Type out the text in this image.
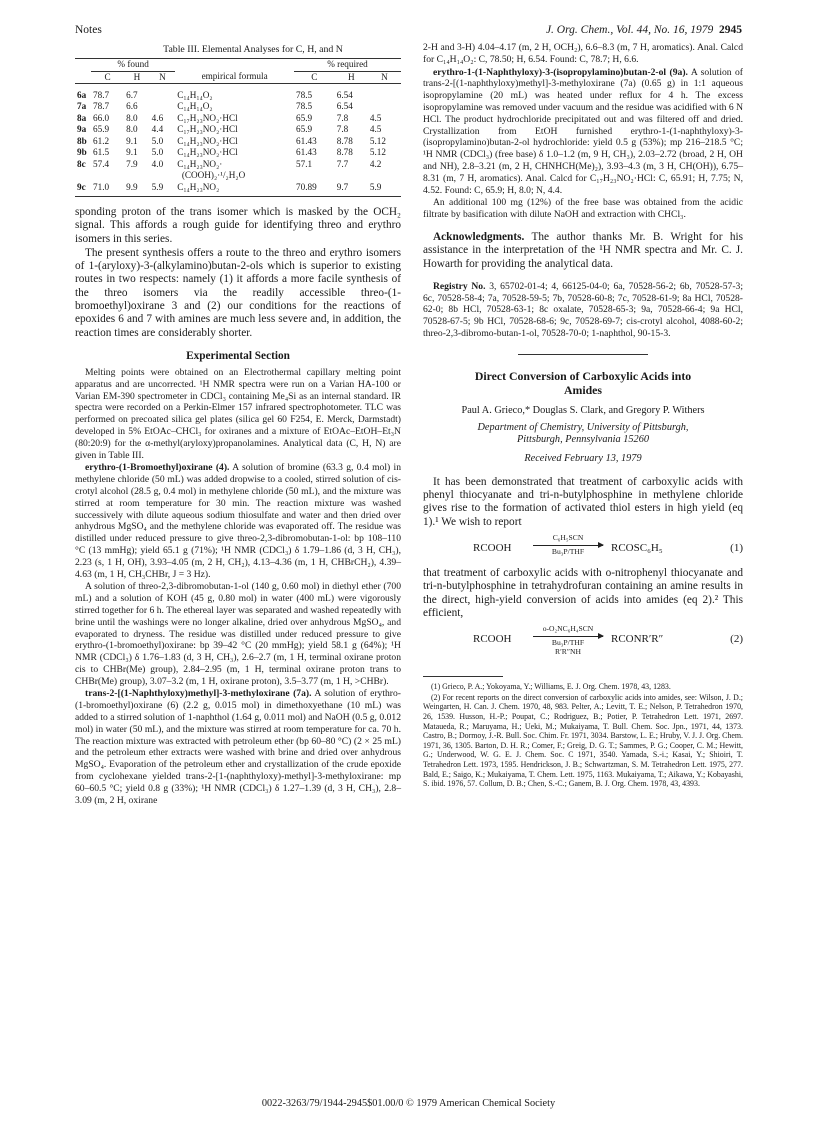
Notes	J. Org. Chem., Vol. 44, No. 16, 1979 2945
Table III. Elemental Analyses for C, H, and N
	% found				% required		
	C	H	N	empirical formula	C	H	N

6a	78.7	6.7		C₁₄H₁₄O₂	78.5	6.54	
7a	78.7	6.6		C₁₄H₁₄O₂	78.5	6.54	
8a	66.0	8.0	4.6	C₁₇H₂₃NO₂·HCl	65.9	7.8	4.5
9a	65.9	8.0	4.4	C₁₇H₂₃NO₂·HCl	65.9	7.8	4.5
8b	61.2	9.1	5.0	C₁₄H₂₃NO₂·HCl	61.43	8.78	5.12
9b	61.5	9.1	5.0	C₁₄H₂₃NO₂·HCl	61.43	8.78	5.12
8c	57.4	7.9	4.0	C₁₄H₂₃NO₂·
(COOH)₂·¹/₂H₂O	57.1	7.7	4.2
9c	71.0	9.9	5.9	C₁₄H₂₃NO₂	70.89	9.7	5.9

sponding proton of the trans isomer which is masked by the OCH₂ signal. This affords a rough guide for identifying threo and erythro isomers in this series.

The present synthesis offers a route to the threo and erythro isomers of 1-(aryloxy)-3-(alkylamino)butan-2-ols which is superior to existing routes in two respects: namely (1) it affords a more facile synthesis of the threo isomers via the readily accessible threo-(1-bromoethyl)oxirane 3 and (2) our conditions for the reactions of epoxides 6 and 7 with amines are much less severe and, in addition, the reaction times are considerably shorter.

Experimental Section

Melting points were obtained on an Electrothermal capillary melting point apparatus and are uncorrected. ¹H NMR spectra were run on a Varian HA-100 or Varian EM-390 spectrometer in CDCl₃ containing Me₄Si as an internal standard. IR spectra were recorded on a Perkin-Elmer 157 infrared spectrophotometer. TLC was performed on precoated silica gel plates (silica gel 60 F254, E. Merck, Darmstadt) developed in 5% EtOAc–CHCl₃ for oxiranes and a mixture of EtOAc–EtOH–Et₃N (80:20:9) for the α-methyl(aryloxy)propanolamines. Analytical data (C, H, N) are given in Table III.

erythro-(1-Bromoethyl)oxirane (4). A solution of bromine (63.3 g, 0.4 mol) in methylene chloride (50 mL) was added dropwise to a cooled, stirred solution of cis-crotyl alcohol (28.5 g, 0.4 mol) in methylene chloride (50 mL), and the mixture was stirred at room temperature for 30 min. The reaction mixture was washed successively with dilute aqueous sodium thiosulfate and water and then dried over anhydrous MgSO₄ and the methylene chloride was evaporated off. The residue was distilled under reduced pressure to give threo-2,3-dibromobutan-1-ol: bp 108–110 °C (13 mmHg); yield 65.1 g (71%); ¹H NMR (CDCl₃) δ 1.79–1.86 (d, 3 H, CH₃), 2.23 (s, 1 H, OH), 3.93–4.05 (m, 2 H, CH₂), 4.13–4.36 (m, 1 H, CHBrCH₂), 4.39–4.63 (m, 1 H, CH₃CHBr, J = 3 Hz).

A solution of threo-2,3-dibromobutan-1-ol (140 g, 0.60 mol) in diethyl ether (700 mL) and a solution of KOH (45 g, 0.80 mol) in water (400 mL) were vigorously stirred together for 6 h. The ethereal layer was separated and washed repeatedly with brine until the washings were no longer alkaline, dried over anhydrous MgSO₄, and evaporated to dryness. The residue was distilled under reduced pressure to give erythro-(1-bromoethyl)oxirane: bp 39–42 °C (20 mmHg); yield 58.1 g (64%); ¹H NMR (CDCl₃) δ 1.76–1.83 (d, 3 H, CH₃), 2.6–2.7 (m, 1 H, terminal oxirane proton cis to CHBr(Me) group), 2.84–2.95 (m, 1 H, terminal oxirane proton trans to CHBr(Me) group), 3.07–3.2 (m, 1 H, oxirane proton), 3.5–3.77 (m, 1 H, >CHBr).

trans-2-[(1-Naphthyloxy)methyl]-3-methyloxirane (7a). A solution of erythro-(1-bromoethyl)oxirane (6) (2.2 g, 0.015 mol) in dimethoxyethane (10 mL) was added to a stirred solution of 1-naphthol (1.64 g, 0.011 mol) and NaOH (0.5 g, 0.012 mol) in water (50 mL), and the mixture was stirred at room temperature for ca. 70 h. The reaction mixture was extracted with petroleum ether (bp 60–80 °C) (2 × 25 mL) and the petroleum ether extracts were washed with brine and dried over anhydrous MgSO₄. Evaporation of the petroleum ether and crystallization of the crude epoxide from cyclohexane yielded trans-2-[1-(naphthyloxy)-methyl]-3-methyloxirane: mp 60–60.5 °C; yield 0.8 g (33%); ¹H NMR (CDCl₃) δ 1.27–1.39 (d, 3 H, CH₃), 2.8–3.09 (m, 2 H, oxirane

2-H and 3-H) 4.04–4.17 (m, 2 H, OCH₂), 6.6–8.3 (m, 7 H, aromatics). Anal. Calcd for C₁₄H₁₄O₂: C, 78.50; H, 6.54. Found: C, 78.7; H, 6.6.

erythro-1-(1-Naphthyloxy)-3-(isopropylamino)butan-2-ol (9a). A solution of trans-2-[(1-naphthyloxy)methyl]-3-methyloxirane (7a) (0.65 g) in 1:1 aqueous isopropylamine (20 mL) was heated under reflux for 4 h. The excess isopropylamine was removed under vacuum and the residue was acidified with 6 N HCl. The product hydrochloride precipitated out and was filtered off and dried. Crystallization from EtOH furnished erythro-1-(1-naphthyloxy)-3-(isopropylamino)butan-2-ol hydrochloride: yield 0.5 g (53%); mp 216–218.5 °C; ¹H NMR (CDCl₃) (free base) δ 1.0–1.2 (m, 9 H, CH₃), 2.03–2.72 (broad, 2 H, OH and NH), 2.8–3.21 (m, 2 H, CHNHCH(Me)₂), 3.93–4.3 (m, 3 H, CH(OH)), 6.75–8.31 (m, 7 H, aromatics). Anal. Calcd for C₁₇H₂₃NO₂·HCl: C, 65.91; H, 7.75; N, 4.52. Found: C, 65.9; H, 8.0; N, 4.4.

An additional 100 mg (12%) of the free base was obtained from the acidic filtrate by basification with dilute NaOH and extraction with CHCl₃.

Acknowledgments. The author thanks Mr. B. Wright for his assistance in the interpretation of the ¹H NMR spectra and Mr. C. J. Howarth for providing the analytical data.

Registry No. 3, 65702-01-4; 4, 66125-04-0; 6a, 70528-56-2; 6b, 70528-57-3; 6c, 70528-58-4; 7a, 70528-59-5; 7b, 70528-60-8; 7c, 70528-61-9; 8a HCl, 70528-62-0; 8b HCl, 70528-63-1; 8c oxalate, 70528-65-3; 9a, 70528-66-4; 9a HCl, 70528-67-5; 9b HCl, 70528-68-6; 9c, 70528-69-7; cis-crotyl alcohol, 4088-60-2; threo-2,3-dibromo-butan-1-ol, 70528-70-0; 1-naphthol, 90-15-3.

Direct Conversion of Carboxylic Acids into
Amides
Paul A. Grieco,* Douglas S. Clark, and Gregory P. Withers
Department of Chemistry, University of Pittsburgh,
Pittsburgh, Pennsylvania 15260
Received February 13, 1979

It has been demonstrated that treatment of carboxylic acids with phenyl thiocyanate and tri-n-butylphosphine in methylene chloride gives rise to the formation of activated thiol esters in high yield (eq 1).¹ We wish to report

RCOOH
C₆H₅SCN
Bu₃P/THF	RCOSC₆H₅	(1)

that treatment of carboxylic acids with o-nitrophenyl thiocyanate and tri-n-butylphosphine in tetrahydrofuran containing an amine results in the direct, high-yield conversion of acids into amides (eq 2).² This efficient,

RCOOH
o-O₂NC₆H₄SCN
Bu₃P/THF
R′R″NH
RCONR′R″	(2)

(1) Grieco, P. A.; Yokoyama, Y.; Williams, E. J. Org. Chem. 1978, 43, 1283.

(2) For recent reports on the direct conversion of carboxylic acids into amides, see: Wilson, J. D.; Weingarten, H. Can. J. Chem. 1970, 48, 983. Pelter, A.; Levitt, T. E.; Nelson, P. Tetrahedron 1970, 26, 1539. Husson, H.-P.; Poupat, C.; Rodriguez, B.; Potier, P. Tetrahedron Lett. 1971, 2697. Mataueda, R.; Maruyama, H.; Ueki, M.; Mukaiyama, T. Bull. Chem. Soc. Jpn., 1971, 44, 1373. Castro, B.; Dormoy, J.-R. Bull. Soc. Chim. Fr. 1971, 3034. Barstow, L. E.; Hruby, V. J. J. Org. Chem. 1971, 36, 1305. Barton, D. H. R.; Comer, F.; Greig, D. G. T.; Sammes, P. G.; Cooper, C. M.; Hewitt, G.; Underwood, W. G. E. J. Chem. Soc. C 1971, 3540. Yamada, S.-i.; Kasai, Y.; Shioiri, T. Tetrahedron Lett. 1973, 1595. Hendrickson, J. B.; Schwartzman, S. M. Tetrahedron Lett. 1975, 277. Bald, E.; Saigo, K.; Mukaiyama, T. Chem. Lett. 1975, 1163. Mukaiyama, T.; Aikawa, Y.; Kobayashi, S. ibid. 1976, 57. Collum, D. B.; Chen, S.-C.; Ganem, B. J. Org. Chem. 1978, 43, 4393.

0022-3263/79/1944-2945$01.00/0 © 1979 American Chemical Society
